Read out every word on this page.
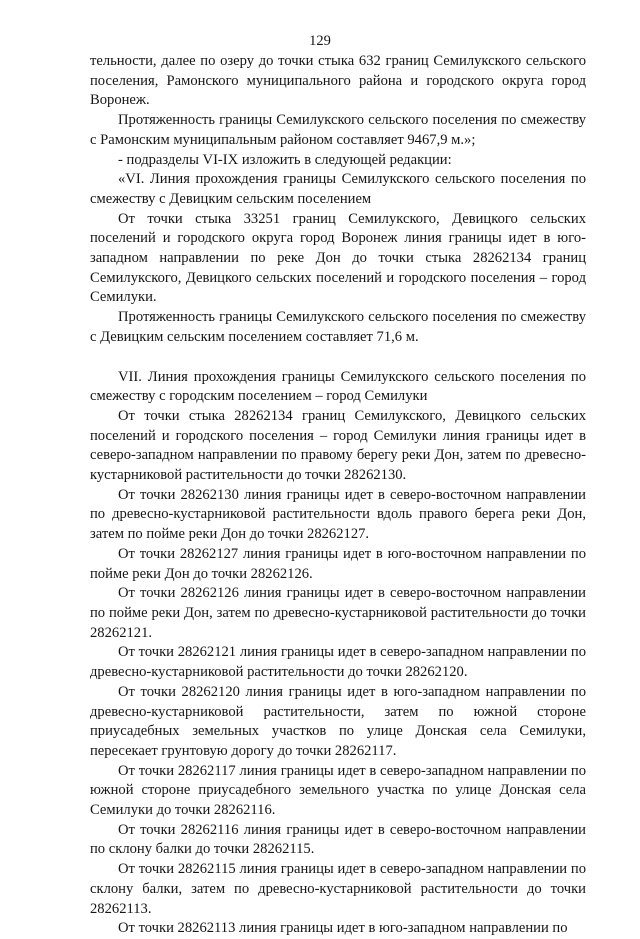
129

тельности, далее по озеру до точки стыка 632 границ Семилукского сельского поселения, Рамонского муниципального района и городского округа город Воронеж.

Протяженность границы Семилукского сельского поселения по смежеству с Рамонским муниципальным районом составляет 9467,9 м.»;

- подразделы VI-IX изложить в следующей редакции:

«VI. Линия прохождения границы Семилукского сельского поселения по смежеству с Девицким сельским поселением

От точки стыка 33251 границ Семилукского, Девицкого сельских поселений и городского округа город Воронеж линия границы идет в юго-западном направлении по реке Дон до точки стыка 28262134 границ Семилукского, Девицкого сельских поселений и городского поселения – город Семилуки.

Протяженность границы Семилукского сельского поселения по смежеству с Девицким сельским поселением составляет 71,6 м.

VII. Линия прохождения границы Семилукского сельского поселения по смежеству с городским поселением – город Семилуки

От точки стыка 28262134 границ Семилукского, Девицкого сельских поселений и городского поселения – город Семилуки линия границы идет в северо-западном направлении по правому берегу реки Дон, затем по древесно-кустарниковой растительности до точки 28262130.

От точки 28262130 линия границы идет в северо-восточном направлении по древесно-кустарниковой растительности вдоль правого берега реки Дон, затем по пойме реки Дон до точки 28262127.

От точки 28262127 линия границы идет в юго-восточном направлении по пойме реки Дон до точки 28262126.

От точки 28262126 линия границы идет в северо-восточном направлении по пойме реки Дон, затем по древесно-кустарниковой растительности до точки 28262121.

От точки 28262121 линия границы идет в северо-западном направлении по древесно-кустарниковой растительности до точки 28262120.

От точки 28262120 линия границы идет в юго-западном направлении по древесно-кустарниковой растительности, затем по южной стороне приусадебных земельных участков по улице Донская села Семилуки, пересекает грунтовую дорогу до точки 28262117.

От точки 28262117 линия границы идет в северо-западном направлении по южной стороне приусадебного земельного участка по улице Донская села Семилуки до точки 28262116.

От точки 28262116 линия границы идет в северо-восточном направлении по склону балки до точки 28262115.

От точки 28262115 линия границы идет в северо-западном направлении по склону балки, затем по древесно-кустарниковой растительности до точки 28262113.

От точки 28262113 линия границы идет в юго-западном направлении по
